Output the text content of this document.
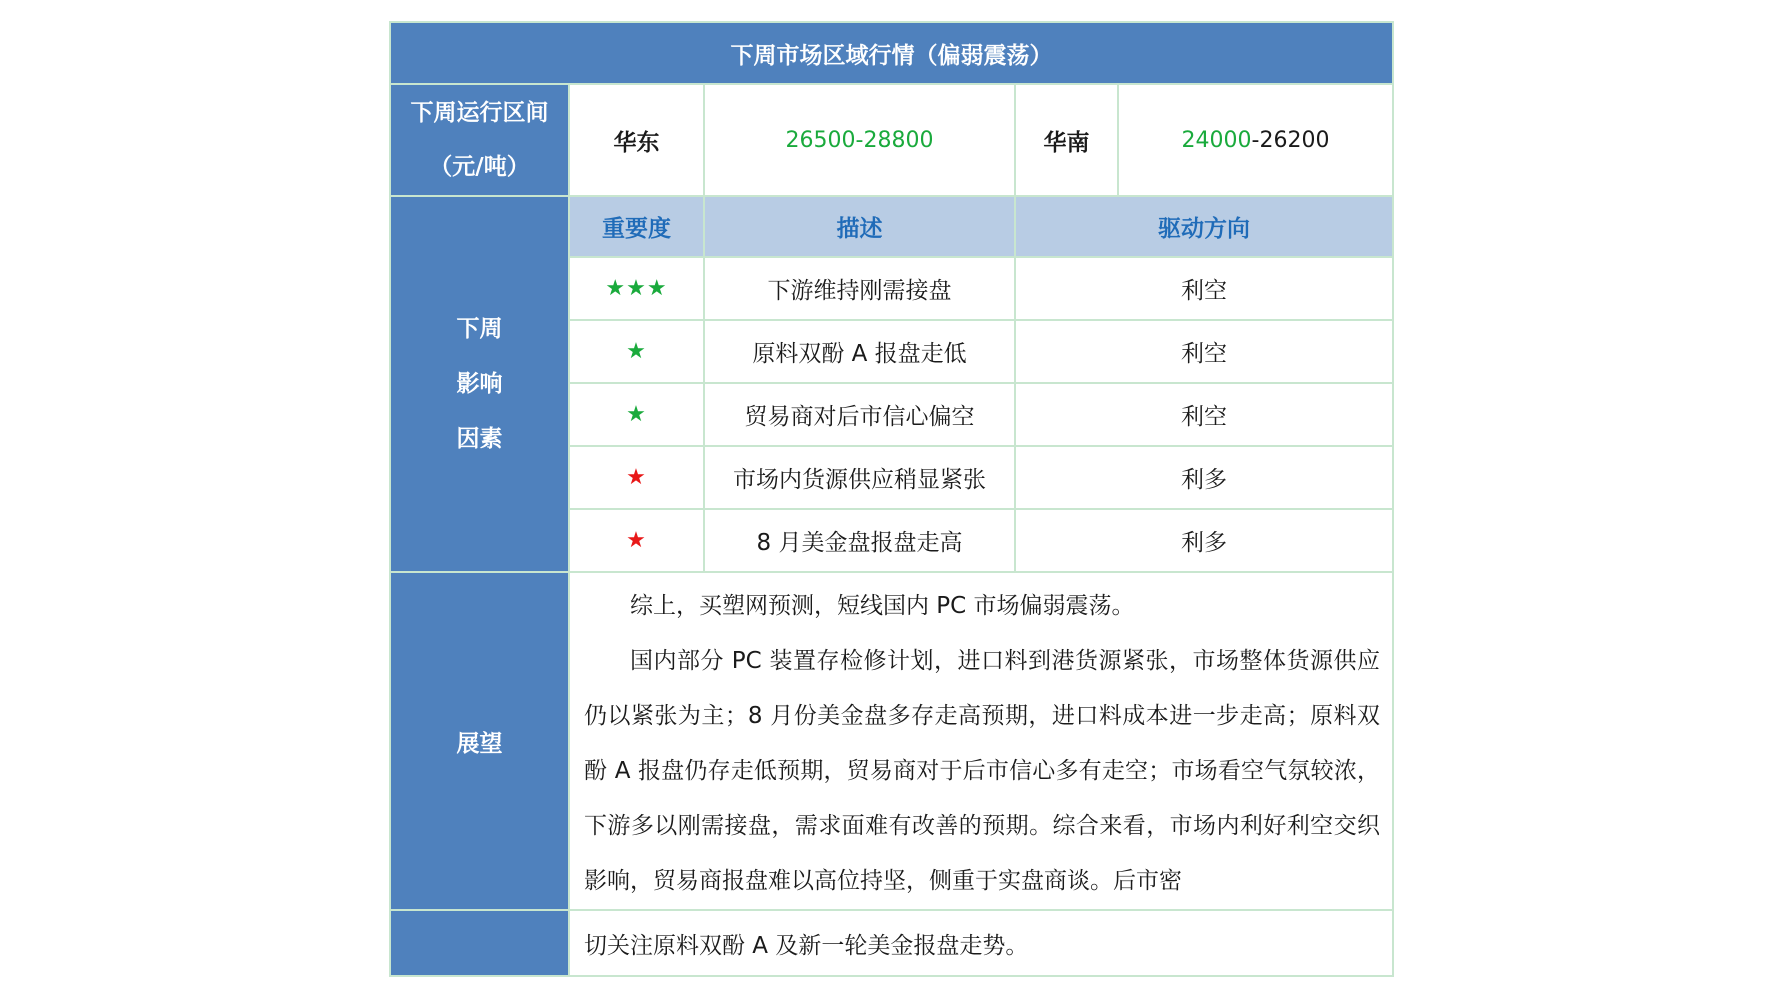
下周市场区域行情（偏弱震荡）				

下周运行区间
（元/吨）	华东	26500-28800	华南	24000-26200

下周
影响
因素	重要度	描述	驱动方向	
	★★★	下游维持刚需接盘	利空	
	★	原料双酚 A 报盘走低	利空	
	★	贸易商对后市信心偏空	利空	
	★	市场内货源供应稍显紧张	利多	
	★	8 月美金盘报盘走高	利多	
展望	综上，买塑网预测，短线国内 PC 市场偏弱震荡。

国内部分 PC 装置存检修计划，进口料到港货源紧张，市场整体货源供应仍以紧张为主；8 月份美金盘多存走高预期，进口料成本进一步走高；原料双酚 A 报盘仍存走低预期，贸易商对于后市信心多有走空；市场看空气氛较浓，下游多以刚需接盘，需求面难有改善的预期。综合来看，市场内利好利空交织影响，贸易商报盘难以高位持坚，侧重于实盘商谈。后市密			

	切关注原料双酚 A 及新一轮美金报盘走势。			
